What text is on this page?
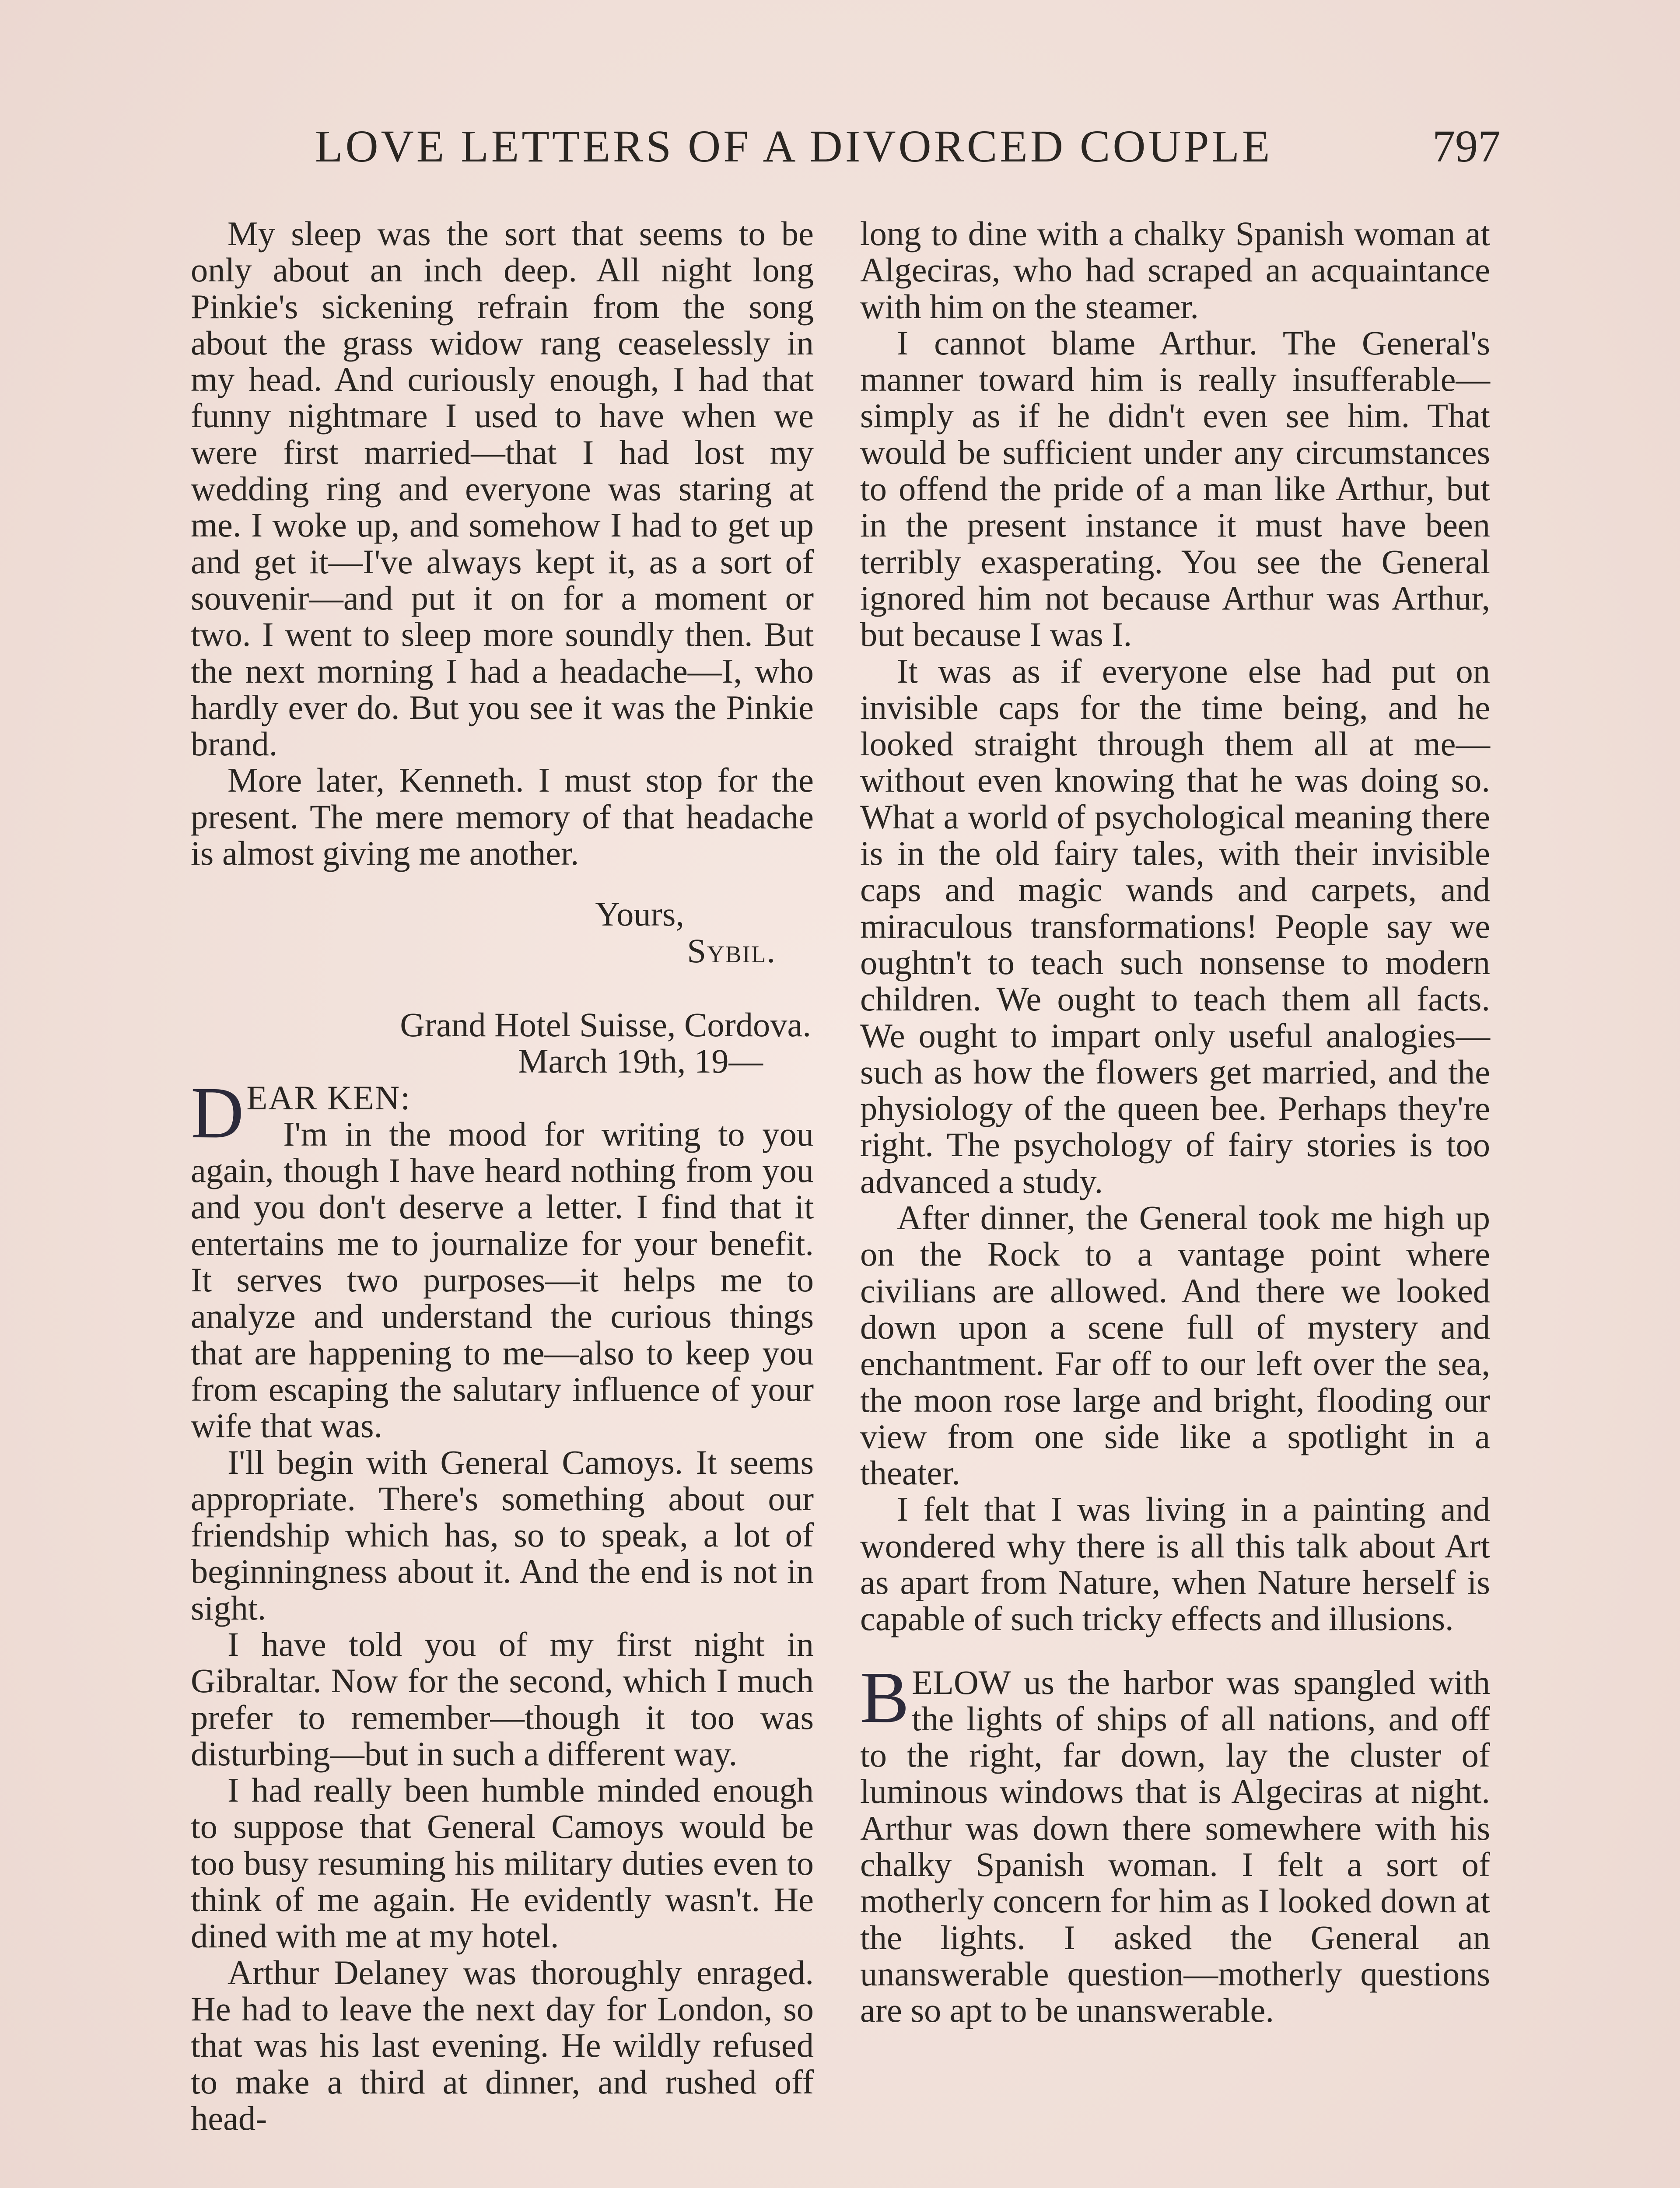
LOVE LETTERS OF A DIVORCED COUPLE	797

My sleep was the sort that seems to be only about an inch deep. All night long Pinkie's sickening refrain from the song about the grass widow rang ceaselessly in my head. And curiously enough, I had that funny nightmare I used to have when we were first married—that I had lost my wedding ring and everyone was staring at me. I woke up, and somehow I had to get up and get it—I've always kept it, as a sort of souvenir—and put it on for a moment or two. I went to sleep more soundly then. But the next morning I had a headache—I, who hardly ever do. But you see it was the Pinkie brand.

More later, Kenneth. I must stop for the present. The mere memory of that headache is almost giving me another.

Yours,

Sybil.

Grand Hotel Suisse, Cordova.

March 19th, 19—

DEAR KEN:

I'm in the mood for writing to you again, though I have heard nothing from you and you don't deserve a letter. I find that it entertains me to journalize for your benefit. It serves two purposes—it helps me to analyze and understand the curious things that are happening to me—also to keep you from escaping the salutary influence of your wife that was.

I'll begin with General Camoys. It seems appropriate. There's something about our friendship which has, so to speak, a lot of beginningness about it. And the end is not in sight.

I have told you of my first night in Gibraltar. Now for the second, which I much prefer to remember—though it too was disturbing—but in such a different way.

I had really been humble minded enough to suppose that General Camoys would be too busy resuming his military duties even to think of me again. He evidently wasn't. He dined with me at my hotel.

Arthur Delaney was thoroughly enraged. He had to leave the next day for London, so that was his last evening. He wildly refused to make a third at dinner, and rushed off head-

long to dine with a chalky Spanish woman at Algeciras, who had scraped an acquaintance with him on the steamer.

I cannot blame Arthur. The General's manner toward him is really insufferable—simply as if he didn't even see him. That would be sufficient under any circumstances to offend the pride of a man like Arthur, but in the present instance it must have been terribly exasperating. You see the General ignored him not because Arthur was Arthur, but because I was I.

It was as if everyone else had put on invisible caps for the time being, and he looked straight through them all at me—without even knowing that he was doing so. What a world of psychological meaning there is in the old fairy tales, with their invisible caps and magic wands and carpets, and miraculous transformations! People say we oughtn't to teach such nonsense to modern children. We ought to teach them all facts. We ought to impart only useful analogies—such as how the flowers get married, and the physiology of the queen bee. Perhaps they're right. The psychology of fairy stories is too advanced a study.

After dinner, the General took me high up on the Rock to a vantage point where civilians are allowed. And there we looked down upon a scene full of mystery and enchantment. Far off to our left over the sea, the moon rose large and bright, flooding our view from one side like a spotlight in a theater.

I felt that I was living in a painting and wondered why there is all this talk about Art as apart from Nature, when Nature herself is capable of such tricky effects and illusions.

BELOW us the harbor was spangled with the lights of ships of all nations, and off to the right, far down, lay the cluster of luminous windows that is Algeciras at night. Arthur was down there somewhere with his chalky Spanish woman. I felt a sort of motherly concern for him as I looked down at the lights. I asked the General an unanswerable question—motherly questions are so apt to be unanswerable.
